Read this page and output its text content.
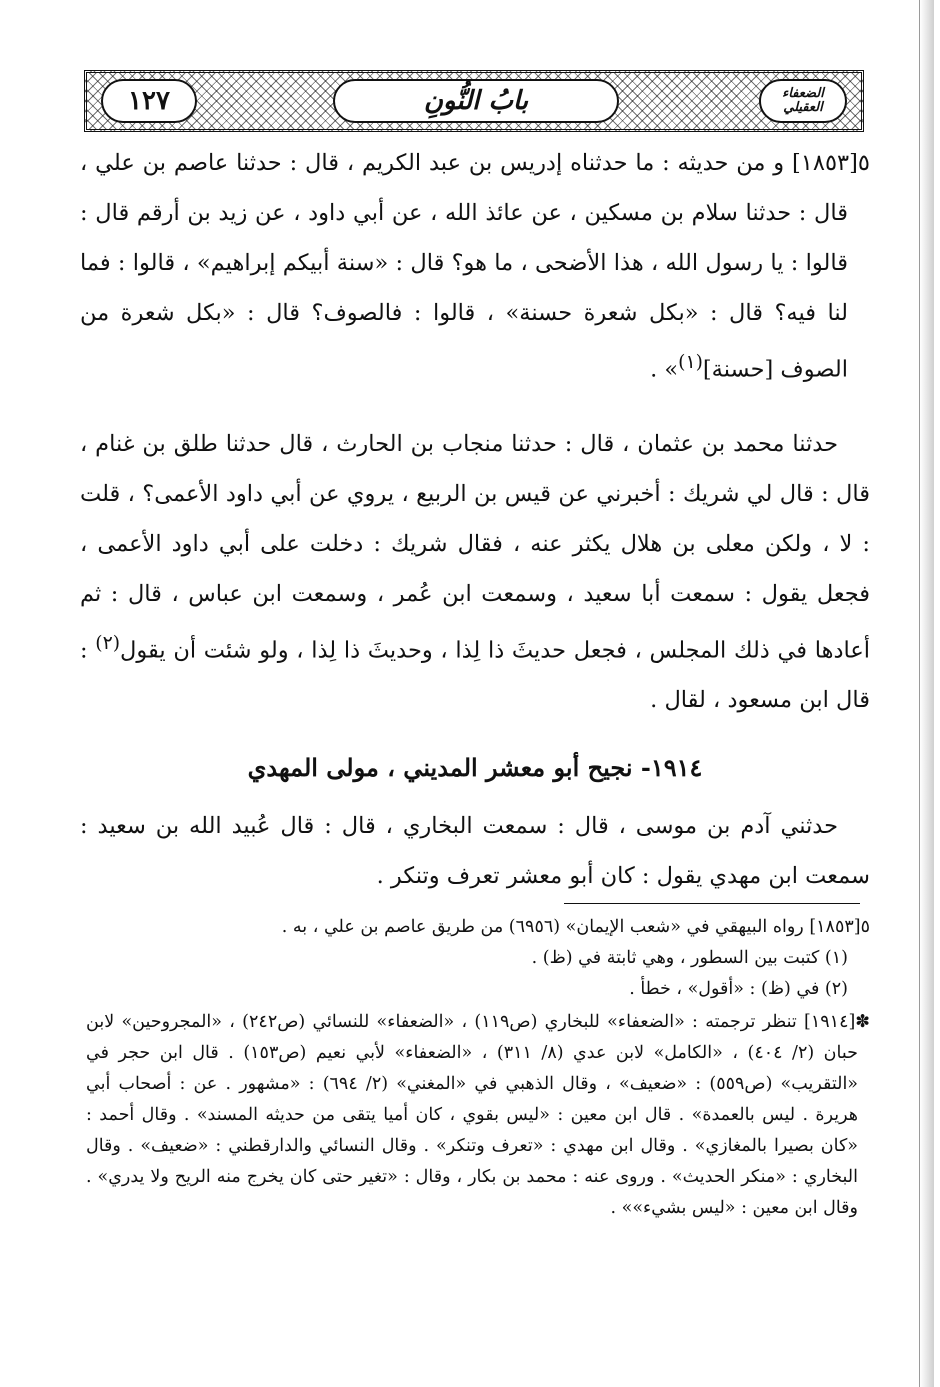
١٢٧	بابُ النُّونِ	الضعفاء العقيلي

٥[١٨٥٣] و من حديثه : ما حدثناه إدريس بن عبد الكريم ، قال : حدثنا عاصم بن علي ، قال : حدثنا سلام بن مسكين ، عن عائذ الله ، عن أبي داود ، عن زيد بن أرقم قال : قالوا : يا رسول الله ، هذا الأضحى ، ما هو؟ قال : «سنة أبيكم إبراهيم» ، قالوا : فما لنا فيه؟ قال : «بكل شعرة حسنة» ، قالوا : فالصوف؟ قال : «بكل شعرة من الصوف [حسنة]$^{(١)}$» .

حدثنا محمد بن عثمان ، قال : حدثنا منجاب بن الحارث ، قال حدثنا طلق بن غنام ، قال : قال لي شريك : أخبرني عن قيس بن الربيع ، يروي عن أبي داود الأعمى؟ ، قلت : لا ، ولكن معلى بن هلال يكثر عنه ، فقال شريك : دخلت على أبي داود الأعمى ، فجعل يقول : سمعت أبا سعيد ، وسمعت ابن عُمر ، وسمعت ابن عباس ، قال : ثم أعادها في ذلك المجلس ، فجعل حديثَ ذا لِذا ، وحديثَ ذا لِذا ، ولو شئت أن يقول$^{(٢)}$ : قال ابن مسعود ، لقال .

١٩١٤- نجيح أبو معشر المديني ، مولى المهدي

حدثني آدم بن موسى ، قال : سمعت البخاري ، قال : قال عُبيد الله بن سعيد : سمعت ابن مهدي يقول : كان أبو معشر تعرف وتنكر .

٥[١٨٥٣] رواه البيهقي في «شعب الإيمان» (٦٩٥٦) من طريق عاصم بن علي ، به .

(١) كتبت بين السطور ، وهي ثابتة في (ظ) .

(٢) في (ظ) : «أقول» ، خطأ .

✽[١٩١٤] تنظر ترجمته : «الضعفاء» للبخاري (ص١١٩) ، «الضعفاء» للنسائي (ص٢٤٢) ، «المجروحين» لابن حبان (٢/ ٤٠٤) ، «الكامل» لابن عدي (٨/ ٣١١) ، «الضعفاء» لأبي نعيم (ص١٥٣) . قال ابن حجر في «التقريب» (ص٥٥٩) : «ضعيف» ، وقال الذهبي في «المغني» (٢/ ٦٩٤) : «مشهور . عن : أصحاب أبي هريرة . ليس بالعمدة» . قال ابن معين : «ليس بقوي ، كان أميا يتقى من حديثه المسند» . وقال أحمد : «كان بصيرا بالمغازي» . وقال ابن مهدي : «تعرف وتنكر» . وقال النسائي والدارقطني : «ضعيف» . وقال البخاري : «منكر الحديث» . وروى عنه : محمد بن بكار ، وقال : «تغير حتى كان يخرج منه الريح ولا يدري» . وقال ابن معين : «ليس بشيء»» .
